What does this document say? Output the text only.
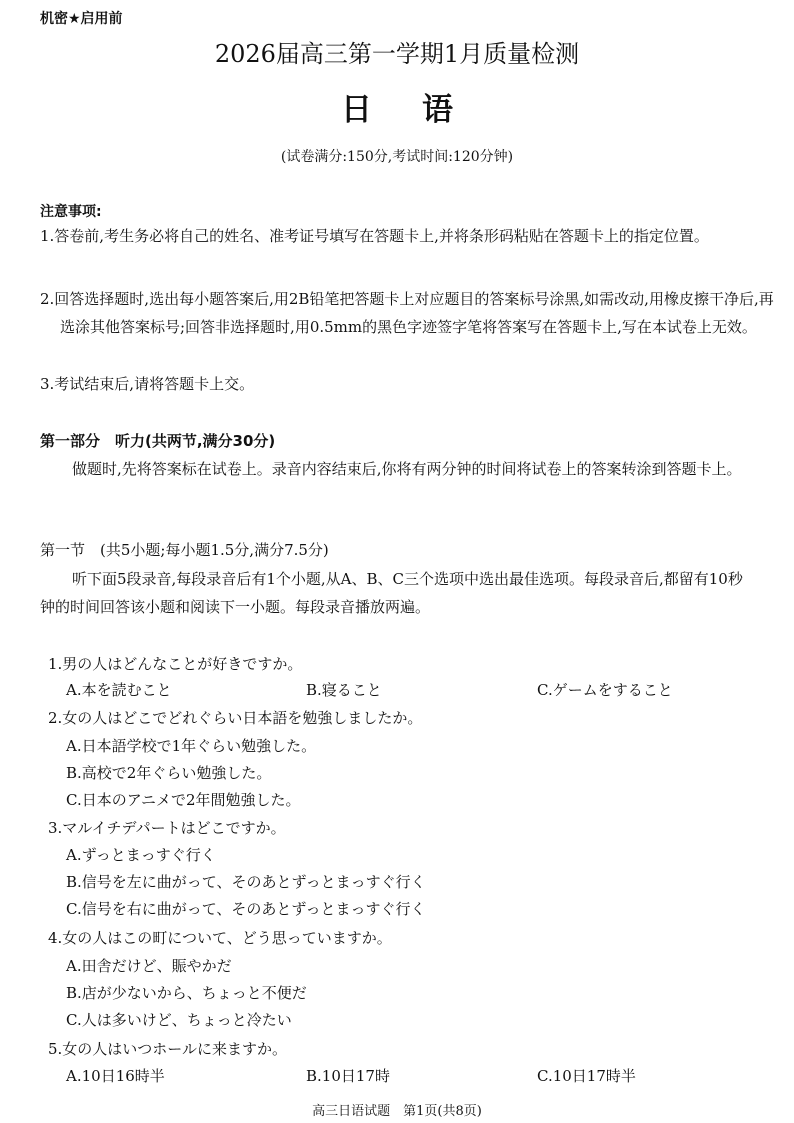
机密★启用前
2026届高三第一学期1月质量检测
日语
(试卷满分:150分,考试时间:120分钟)
注意事项:
1.答卷前,考生务必将自己的姓名、准考证号填写在答题卡上,并将条形码粘贴在答题卡上的指定位置。
2.回答选择题时,选出每小题答案后,用2B铅笔把答题卡上对应题目的答案标号涂黑,如需改动,用橡皮擦干净后,再选涂其他答案标号;回答非选择题时,用0.5mm的黑色字迹签字笔将答案写在答题卡上,写在本试卷上无效。
3.考试结束后,请将答题卡上交。
第一部分　听力(共两节,满分30分)
做题时,先将答案标在试卷上。录音内容结束后,你将有两分钟的时间将试卷上的答案转涂到答题卡上。
第一节　(共5小题;每小题1.5分,满分7.5分)
听下面5段录音,每段录音后有1个小题,从A、B、C三个选项中选出最佳选项。每段录音后,都留有10秒钟的时间回答该小题和阅读下一小题。每段录音播放两遍。
1.男の人はどんなことが好きですか。
A.本を読むこと	B.寝ること	C.ゲームをすること
2.女の人はどこでどれぐらい日本語を勉強しましたか。
A.日本語学校で1年ぐらい勉強した。
B.高校で2年ぐらい勉強した。
C.日本のアニメで2年間勉強した。
3.マルイチデパートはどこですか。
A.ずっとまっすぐ行く
B.信号を左に曲がって、そのあとずっとまっすぐ行く
C.信号を右に曲がって、そのあとずっとまっすぐ行く
4.女の人はこの町について、どう思っていますか。
A.田舎だけど、賑やかだ
B.店が少ないから、ちょっと不便だ
C.人は多いけど、ちょっと冷たい
5.女の人はいつホールに来ますか。
A.10日16時半	B.10日17時	C.10日17時半
高三日语试题　第1页(共8页)
